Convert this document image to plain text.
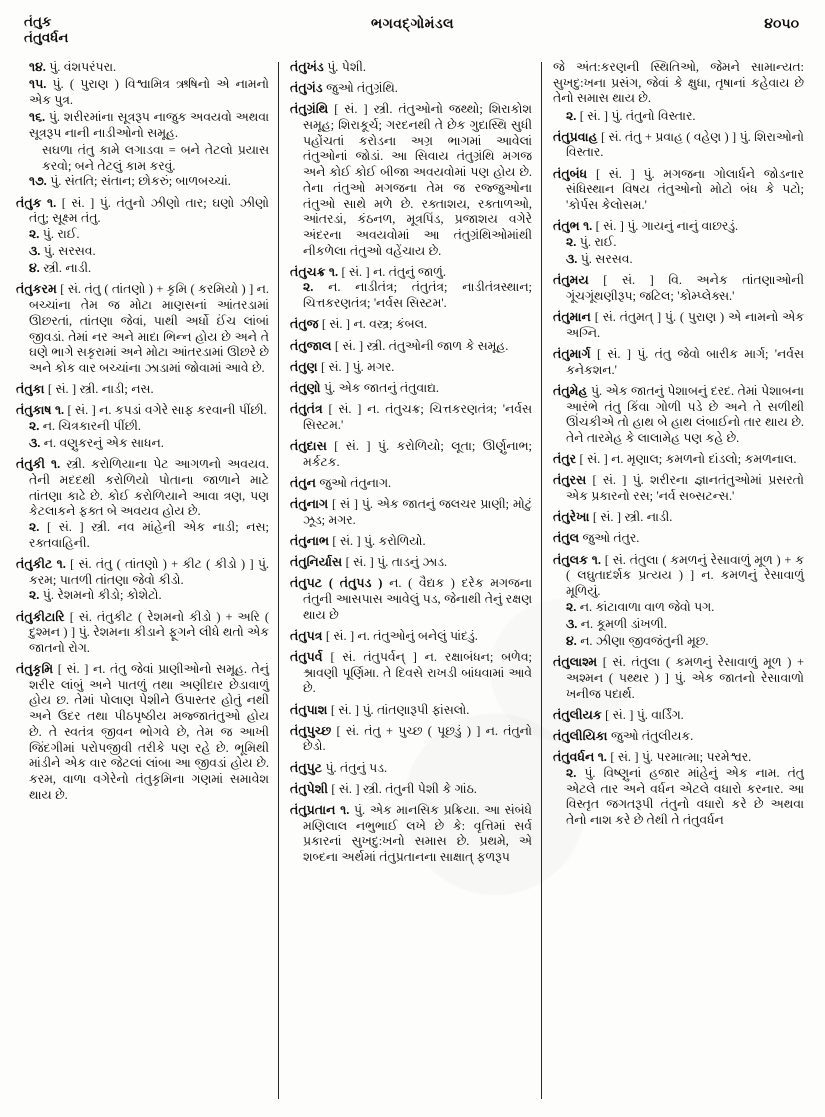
તંતુક
તંતુવર્ધન
ભગવદ્ગોમંડલ	૪૦૫૦
૧૪. પું. વંશપરંપરા.
૧૫. પું. ( પુરાણ ) વિશ્વામિત્ર ઋષિનો એ નામનો એક પુત્ર.
૧૬. પું. શરીરમાંના સૂત્રરૂપ નાજુક અવયવો અથવા સૂત્રરૂપ નાની નાડીઓનો સમૂહ.
સઘળા તંતુ કામે લગાડવા = બને તેટલો પ્રયાસ કરવો; બને તેટલું કામ કરવું.
૧૭. પું. સંતતિ; સંતાન; છોકરું; બાળબચ્ચાં.
તંતુક ૧. [ સં. ] પું. તંતુનો ઝીણો તાર; ઘણો ઝીણો તંતુ; સૂક્ષ્મ તંતુ.
૨. પું. રાઈ.
૩. પું. સરસવ.
૪. સ્ત્રી. નાડી.
તંતુકરમ [ સં. તંતુ ( તાંતણો ) + કૃમિ ( કરમિયો ) ] ન. બચ્ચાંના તેમ જ મોટા માણસનાં આંતરડામાં ઊછરતાં, તાંતણા જેવાં, પાથી અર્ધો ઈંચ લાંબાં જીવડાં. તેમાં નર અને માદા ભિન્ન હોય છે અને તે ઘણે ભાગે સકૃરામાં અને મોટા આંતરડામાં ઊછરે છે અને કોક વાર બચ્ચાંના ઝાડામાં જોવામાં આવે છે.
તંતુકા [ સં. ] સ્ત્રી. નાડી; નસ.
તંતુકાષ ૧. [ સં. ] ન. કપડાં વગેરે સાફ કરવાની પીંછી.
૨. ન. ચિત્રકારની પીંછી.
૩. ન. વણુકરનું એક સાધન.
તંતુકી ૧. સ્ત્રી. કરોળિયાના પેટ આગળનો અવયવ. તેની મદદથી કરોળિયો પોતાના જાળાને માટે તાંતણા કાઢે છે. કોઈ કરોળિયાને આવા ત્રણ, પણ કેટલાકને ફક્ત બે અવયવ હોય છે.
૨. [ સં. ] સ્ત્રી. નવ માંહેની એક નાડી; નસ; રક્તવાહિની.
તંતુકીટ ૧. [ સં. તંતુ ( તાંતણો ) + કીટ ( કીડો ) ] પું. કરમ; પાતળી તાંતણા જેવો કીડો.
૨. પું. રેશમનો કીડો; કોશેટો.
તંતુકીટારિ [ સં. તંતુકીટ ( રેશમનો કીડો ) + અરિ ( દુશ્મન ) ] પું. રેશમના કીડાને ફૂગને લીધે થતો એક જાતનો રોગ.
તંતુકૃમિ [ સં. ] ન. તંતુ જેવાં પ્રાણીઓનો સમૂહ. તેનું શરીર લાંબું અને પાતળું તથા અણીદાર છેડાવાળું હોય છ. તેમાં પોલાણ પેશીને ઉપાસ્તર હોતું નથી અને ઉદર તથા પીઠપૃષ્ઠીય મજ્જાતંતુઓ હોય છે. તે સ્વતંત્ર જીવન ભોગવે છે, તેમ જ આખી જિંદગીમાં પરોપજીવી તરીકે પણ રહે છે. ભૂમિથી માંડીને એક વાર જેટલાં લાંબા આ જીવડાં હોય છે. કરમ, વાળા વગેરેનો તંતુકૃમિના ગણમાં સમાવેશ થાય છે.
તંતુખંડ પું. પેશી.
તંતુગંડ જુઓ તંતુગ્રંથિ.
તંતુગ્રંથિ [ સં. ] સ્ત્રી. તંતુઓનો જથ્થો; શિરાકોશ સમૂહ; શિરાકૂર્ચ; ગરદનથી તે છેક ગુદાસ્થિ સુધી પહોંચતાં કરોડના અગ્ર ભાગમાં આવેલાં તંતુઓનાં જોડાં. આ સિવાય તંતુગ્રંથિ મગજ અને કોઈ કોઈ બીજા અવયવોમાં પણ હોય છે. તેના તંતુઓ મગજના તેમ જ રજ્જુઓના તંતુઓ સાથે મળે છે. રક્તાશય, રક્તાળઓ, આંતરડાં, કંઠનળ, મૂત્રપિંડ, પ્રજાશય વગેરે અંદરના અવયવોમાં આ તંતુગ્રંથિઓમાંથી નીકળેલા તંતુઓ વહેંચાય છે.
તંતુચક્ર ૧. [ સં. ] ન. તંતુનું જાળું.
૨. ન. નાડીતંત્ર; તંતુતંત્ર; નાડીતંત્રસ્થાન; ચિત્તકરણતંત્ર; 'નર્વસ સિસ્ટમ'.
તંતુજ [ સં. ] ન. વસ્ત્ર; કંબલ.
તંતુજાલ [ સં. ] સ્ત્રી. તંતુઓની જાળ કે સમૂહ.
તંતુણ [ સં. ] પું. મગર.
તંતુણો પું. એક જાતનું તંતુવાદ્ય.
તંતુતંત્ર [ સં. ] ન. તંતુચક્ર; ચિત્તકરણતંત્ર; 'નર્વસ સિસ્ટમ.'
તંતુદાસ [ સં. ] પું. કરોળિયો; લૂતા; ઊર્ણુનાભ; મર્કટક.
તંતુન જુઓ તંતુનાગ.
તંતુનાગ [ સં ] પું. એક જાતનું જલચર પ્રાણી; મોટું ઝૂડ; મગર.
તંતુનાભ [ સં. ] પું. કરોળિયો.
તંતુનિર્યાસ [ સં. ] પું. તાડનું ઝાડ.
તંતુપટ ( તંતુપડ ) ન. ( વૈદ્યક ) દરેક મગજના તંતુની આસપાસ આવેલું પડ, જેનાથી તેનું રક્ષણ થાય છે
તંતુપત્ર [ સં. ] ન. તંતુઓનું બનેલું પાંદડું.
તંતુપર્વ [ સં. તંતુપર્વન્ ] ન. રક્ષાબંધન; બળેવ; શ્રાવણી પૂર્ણિમા. તે દિવસે રાખડી બાંધવામાં આવે છે.
તંતુપાશ [ સં. ] પું. તાંતણારૂપી ફાંસલો.
તંતુપુચ્છ [ સં. તંતુ + પુચ્છ ( પૂછડું ) ] ન. તંતુનો છેડો.
તંતુપુટ પું. તંતુનું પડ.
તંતુપેશી [ સં. ] સ્ત્રી. તંતુની પેશી કે ગાંઠ.
તંતુપ્રતાન ૧. પું. એક માનસિક પ્રક્રિયા. આ સંબંધે મણિલાલ નભુભાઈ લખે છે કે: વૃત્તિમાં સર્વ પ્રકારનાં સુખદુ:ખનો સમાસ છે. પ્રથમે, એ શબ્દના અર્થમાં તંતુપ્રતાનના સાક્ષાત્ ફળરૂપ
જે અંત:કરણની સ્થિતિઓ, જેમને સામાન્યત: સુખદુ:ખના પ્રસંગ, જેવાં કે ક્ષુધા, તૃષાનાં કહેવાય છે તેનો સમાસ થાય છે.
૨. [ સં. ] પું. તંતુનો વિસ્તાર.
તંતુપ્રવાહ [ સં. તંતુ + પ્રવાહ ( વહેણ ) ] પું. શિરાઓનો વિસ્તાર.
તંતુબંધ [ સં. ] પું. મગજના ગોલાર્ધને જોડનાર સંધિસ્થાન વિષય તંતુઓનો મોટો બંધ કે પટો; 'કોર્પસ કેલોસમ.'
તંતુભ ૧. [ સં. ] પું. ગાયનું નાનું વાછરડું.
૨. પું. રાઈ.
૩. પું. સરસવ.
તંતુમય [ સં. ] વિ. અનેક તાંતણાઓની ગૂંચગૂંથણીરૂપ; જટિલ; 'કોમ્પ્લેક્સ.'
તંતુમાન [ સં. તંતુમત્ ] પું. ( પુરાણ ) એ નામનો એક અગ્નિ.
તંતુમાર્ગ [ સં. ] પું. તંતુ જેવો બારીક માર્ગ; 'નર્વસ કનેકશન.'
તંતુમેહ પું. એક જાતનું પેશાબનું દરદ. તેમાં પેશાબના આરંભે તંતુ કિંવા ગોળી પડે છે અને તે સળીથી ઊંચકીએ તો હાથ બે હાથ લંબાઈનો તાર થાય છે. તેને તારમેહ કે લાલામેહ પણ કહે છે.
તંતુર [ સં. ] ન. મૃણાલ; કમળનો દાંડલો; કમળનાલ.
તંતુરસ [ સં. ] પું. શરીરના જ્ઞાનતંતુઓમાં પ્રસરતો એક પ્રકારનો રસ; 'નર્વ સબ્સટન્સ.'
તંતુરેખા [ સં. ] સ્ત્રી. નાડી.
તંતુલ જુઓ તંતુર.
તંતુલક ૧. [ સં. તંતુલા ( કમળનું રેસાવાળું મૂળ ) + ક ( લઘુતાદર્શક પ્રત્યય ) ] ન. કમળનું રેસાવાળું મૂળિયું.
૨. ન. કાંટાવાળા વાળ જેવો પગ.
૩. ન. કૂમળી ડાંખળી.
૪. ન. ઝીણા જીવજંતુની મૂછ.
તંતુલાશ્મ [ સં. તંતુલા ( કમળનું રેસાવાળું મૂળ ) + અશ્મન ( પથ્થર ) ] પું. એક જાતનો રેસાવાળો ખનીજ પદાર્થ.
તંતુલીયક [ સં. ] પું. વાર્ડિંગ.
તંતુલીયિકા જુઓ તંતુલીયક.
તંતુવર્ધન ૧. [ સં. ] પું. પરમાત્મા; પરમેશ્વર.
૨. પું. વિષ્ણુનાં હજાર માંહેનું એક નામ. તંતુ એટલે તાર અને વર્ધન એટલે વધારો કરનાર. આ વિસ્તૃત જગતરૂપી તંતુનો વધારો કરે છે અથવા તેનો નાશ કરે છે તેથી તે તંતુવર્ધન
